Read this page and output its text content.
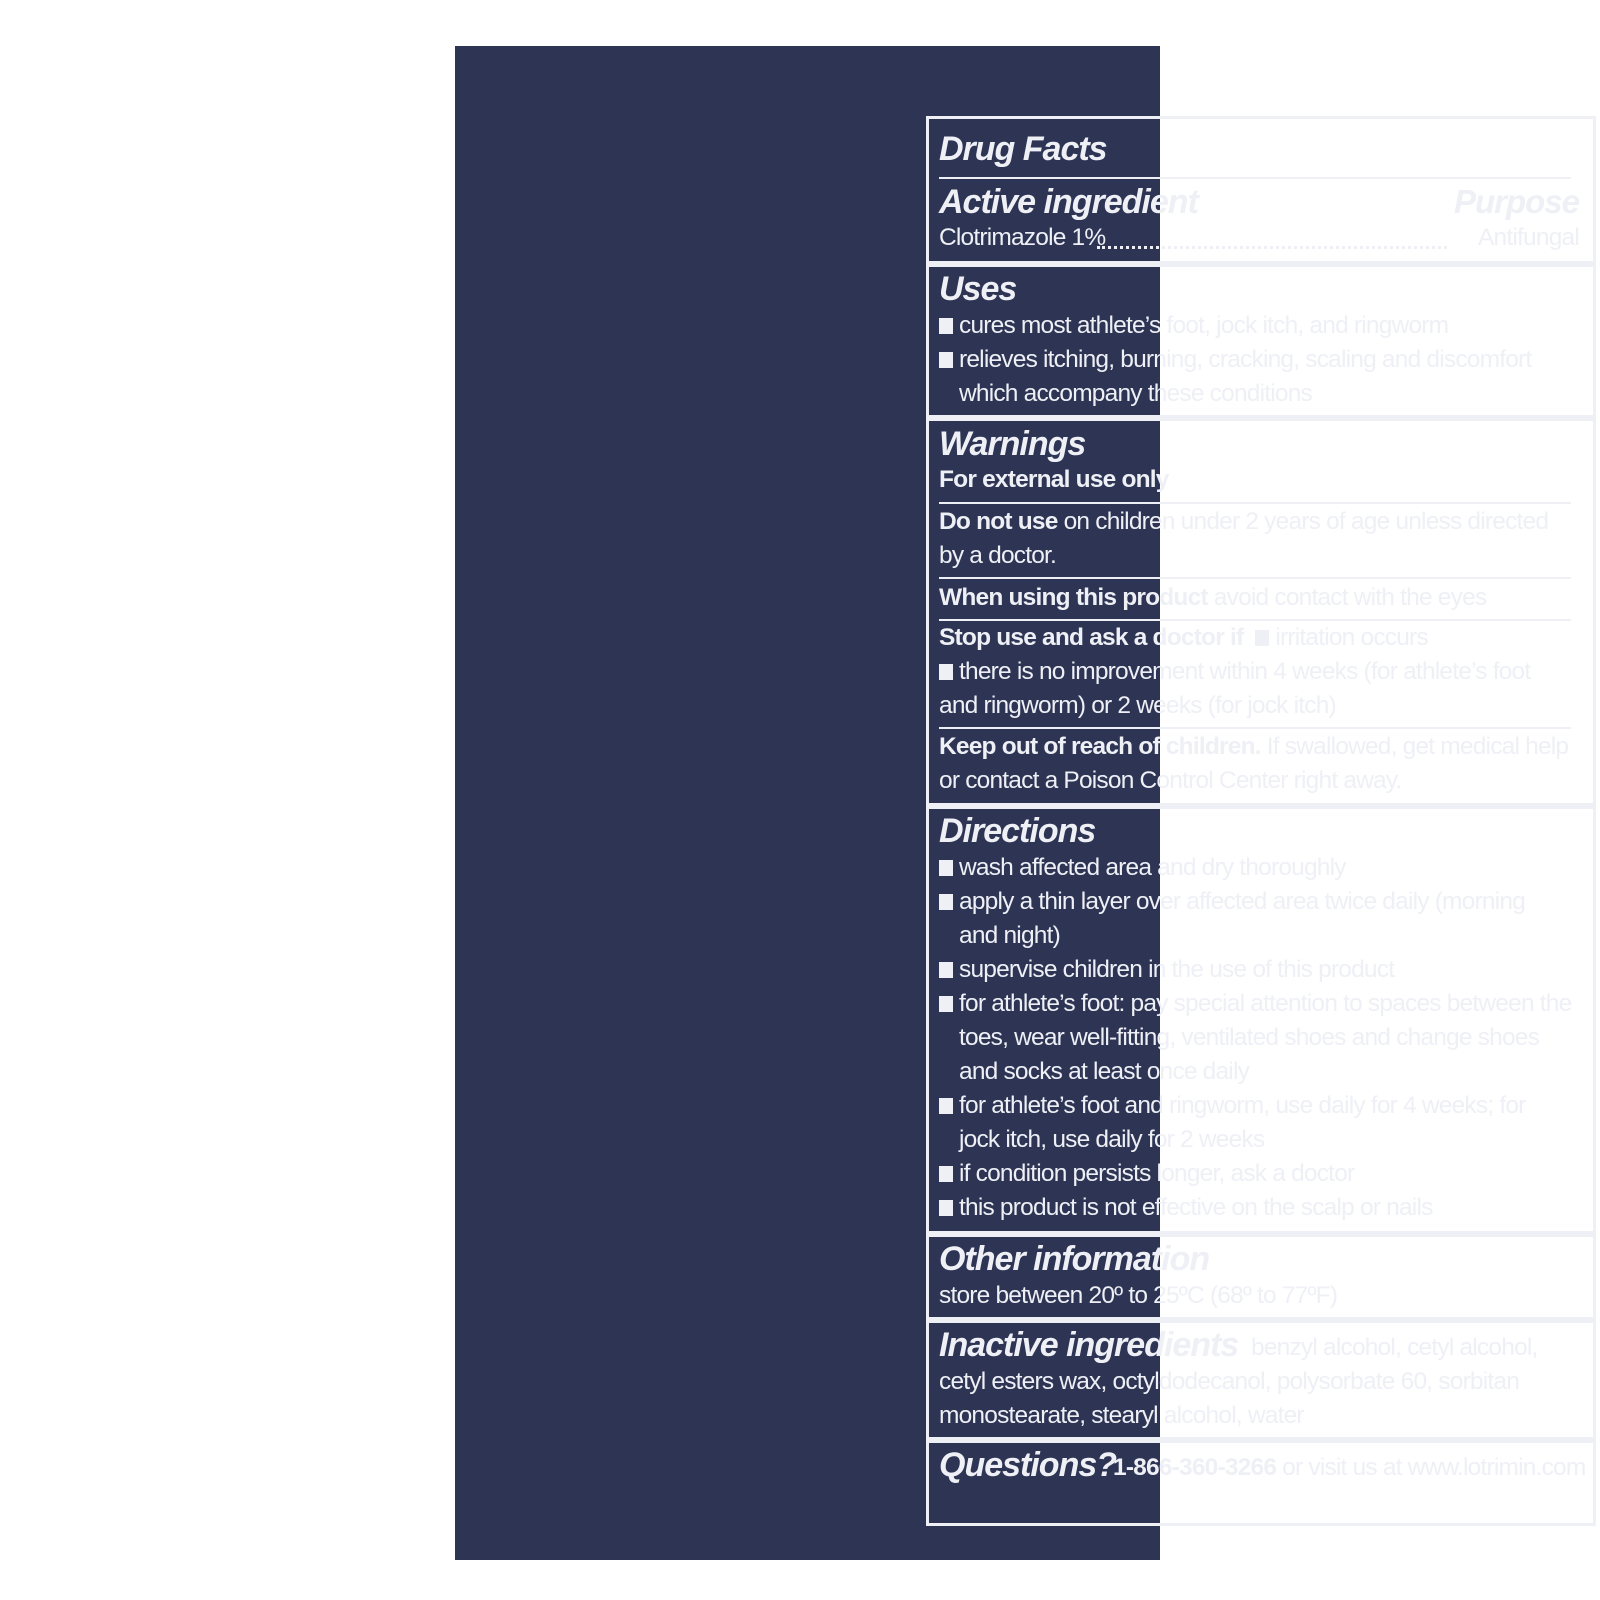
Drug Facts
Active ingredient	Purpose
Clotrimazole 1%	Antifungal
Uses
cures most athlete’s foot, jock itch, and ringworm
relieves itching, burning, cracking, scaling and discomfort
which accompany these conditions
Warnings
For external use only
Do not use on children under 2 years of age unless directed
by a doctor.
When using this product avoid contact with the eyes
Stop use and ask a doctor if irritation occurs
there is no improvement within 4 weeks (for athlete’s foot
and ringworm) or 2 weeks (for jock itch)
Keep out of reach of children. If swallowed, get medical help
or contact a Poison Control Center right away.
Directions
wash affected area and dry thoroughly
apply a thin layer over affected area twice daily (morning
and night)
supervise children in the use of this product
for athlete’s foot: pay special attention to spaces between the
toes, wear well-fitting, ventilated shoes and change shoes
and socks at least once daily
for athlete’s foot and ringworm, use daily for 4 weeks; for
jock itch, use daily for 2 weeks
if condition persists longer, ask a doctor
this product is not effective on the scalp or nails
Other information
store between 20º to 25ºC (68º to 77ºF)
Inactive ingredients benzyl alcohol, cetyl alcohol,
cetyl esters wax, octyldodecanol, polysorbate 60, sorbitan
monostearate, stearyl alcohol, water
Questions?
1-866-360-3266 or visit us at www.lotrimin.com
